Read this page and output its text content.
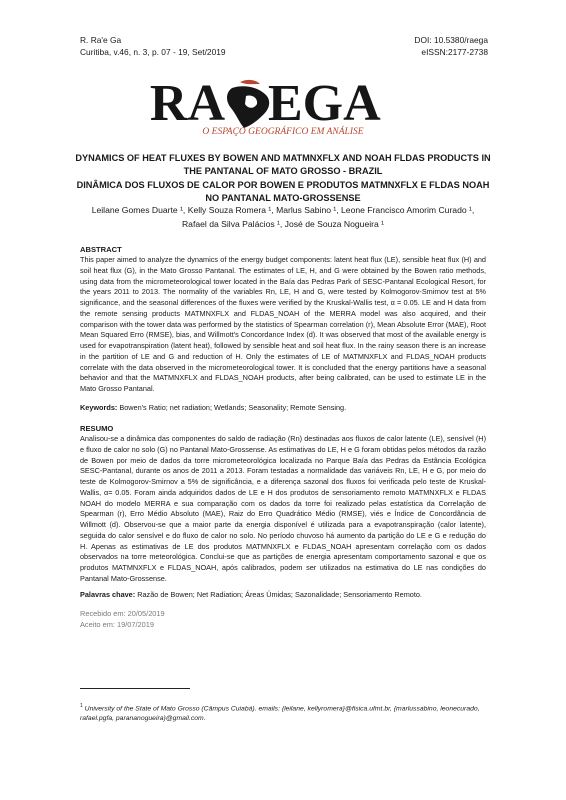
R. Ra'e Ga
Curitiba, v.46, n. 3, p. 07 - 19, Set/2019
DOI: 10.5380/raega
eISSN:2177-2738
RA EGA
O ESPAÇO GEOGRÁFICO EM ANÁLISE
DYNAMICS OF HEAT FLUXES BY BOWEN AND MATMNXFLX AND NOAH FLDAS PRODUCTS IN
THE PANTANAL OF MATO GROSSO - BRAZIL
DINÂMICA DOS FLUXOS DE CALOR POR BOWEN E PRODUTOS MATMNXFLX E FLDAS NOAH
NO PANTANAL MATO-GROSSENSE
Leilane Gomes Duarte ¹, Kelly Souza Romera ¹, Marlus Sabino ¹, Leone Francisco Amorim Curado ¹,
Rafael da Silva Palácios ¹, José de Souza Nogueira ¹
ABSTRACT
This paper aimed to analyze the dynamics of the energy budget components: latent heat flux (LE), sensible heat flux (H) and soil heat flux (G), in the Mato Grosso Pantanal. The estimates of LE, H, and G were obtained by the Bowen ratio methods, using data from the micrometeorological tower located in the Baía das Pedras Park of SESC-Pantanal Ecological Resort, for the years 2011 to 2013. The normality of the variables Rn, LE, H and G, were tested by Kolmogorov-Smirnov test at 5% significance, and the seasonal differences of the fluxes were verified by the Kruskal-Wallis test, α = 0.05. LE and H data from the remote sensing products MATMNXFLX and FLDAS_NOAH of the MERRA model was also acquired, and their comparison with the tower data was performed by the statistics of Spearman correlation (r), Mean Absolute Error (MAE), Root Mean Squared Erro (RMSE), bias, and Willmott's Concordance Index (d). It was observed that most of the available energy is used for evapotranspiration (latent heat), followed by sensible heat and soil heat flux. In the rainy season there is an increase in the partition of LE and G and reduction of H. Only the estimates of LE of MATMNXFLX and FLDAS_NOAH products correlate with the data observed in the micrometeorological tower. It is concluded that the energy partitions have a seasonal behavior and that the MATMNXFLX and FLDAS_NOAH products, after being calibrated, can be used to estimate LE in the Mato Grosso Pantanal.
Keywords: Bowen's Ratio; net radiation; Wetlands; Seasonality; Remote Sensing.
RESUMO
Analisou-se a dinâmica das componentes do saldo de radiação (Rn) destinadas aos fluxos de calor latente (LE), sensível (H) e fluxo de calor no solo (G) no Pantanal Mato-Grossense. As estimativas do LE, H e G foram obtidas pelos métodos da razão de Bowen por meio de dados da torre micrometeorológica localizada no Parque Baía das Pedras da Estância Ecológica SESC-Pantanal, durante os anos de 2011 a 2013. Foram testadas a normalidade das variáveis Rn, LE, H e G, por meio do teste de Kolmogorov-Smirnov a 5% de significância, e a diferença sazonal dos fluxos foi verificada pelo teste de Kruskal-Wallis, α= 0.05. Foram ainda adquiridos dados de LE e H dos produtos de sensoriamento remoto MATMNXFLX e FLDAS NOAH do modelo MERRA e sua comparação com os dados da torre foi realizado pelas estatística da Correlação de Spearman (r), Erro Médio Absoluto (MAE), Raiz do Erro Quadrático Médio (RMSE), viés e Índice de Concordância de Willmott (d). Observou-se que a maior parte da energia disponível é utilizada para a evapotranspiração (calor latente), seguida do calor sensível e do fluxo de calor no solo. No período chuvoso há aumento da partição do LE e G e redução do H. Apenas as estimativas de LE dos produtos MATMNXFLX e FLDAS_NOAH apresentam correlação com os dados observados na torre meteorológica. Conclui-se que as partições de energia apresentam comportamento sazonal e que os produtos MATMNXFLX e FLDAS_NOAH, após calibrados, podem ser utilizados na estimativa do LE nas condições do Pantanal Mato-Grossense.
Palavras chave: Razão de Bowen; Net Radiation; Áreas Úmidas; Sazonalidade; Sensoriamento Remoto.
Recebido em: 20/05/2019
Aceito em: 19/07/2019
$^1$ University of the State of Mato Grosso (Câmpus Cuiabá). emails: {leilane, kellyromera}@fisica.ufmt.br, {marlussabino, leonecurado, rafael.pgfa, parananogueira}@gmail.com.
